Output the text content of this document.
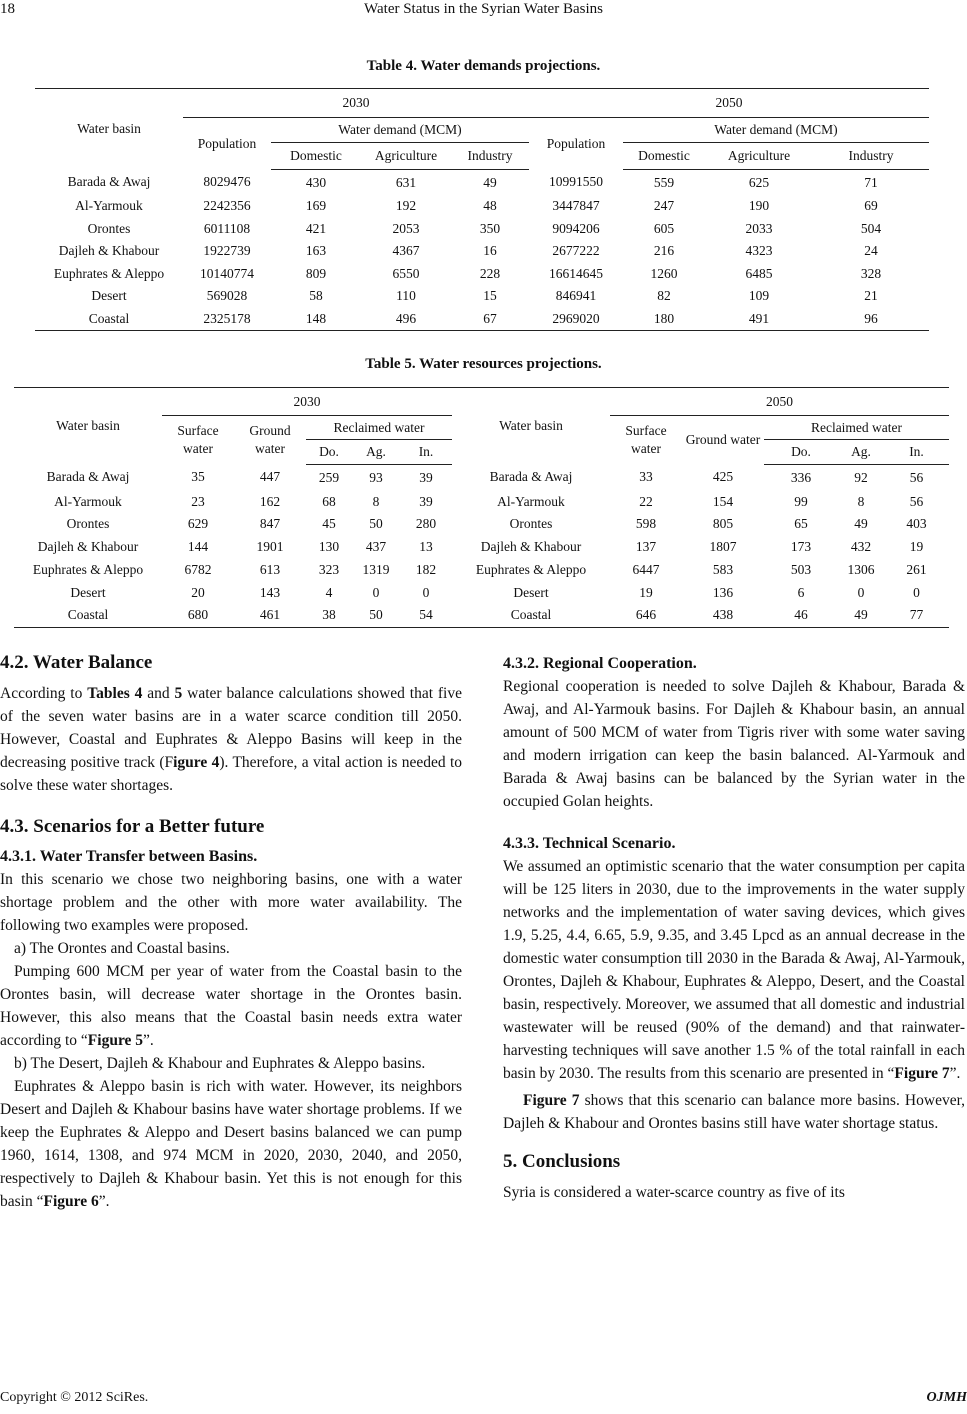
18	Water Status in the Syrian Water Basins
Table 4. Water demands projections.
Water basin	2030				2050			
	Population	Water demand (MCM)			Population	Water demand (MCM)		
		Domestic	Agriculture	Industry		Domestic	Agriculture	Industry
Barada & Awaj	8029476	430	631	49	10991550	559	625	71
Al-Yarmouk	2242356	169	192	48	3447847	247	190	69
Orontes	6011108	421	2053	350	9094206	605	2033	504
Dajleh & Khabour	1922739	163	4367	16	2677222	216	4323	24
Euphrates & Aleppo	10140774	809	6550	228	16614645	1260	6485	328
Desert	569028	58	110	15	846941	82	109	21
Coastal	2325178	148	496	67	2969020	180	491	96
Table 5. Water resources projections.
Water basin	2030					Water basin	2050				
	Surface water	Ground water	Reclaimed water				Surface water	Ground water	Reclaimed water		
			Do.	Ag.	In.				Do.	Ag.	In.
Barada & Awaj	35	447	259	93	39	Barada & Awaj	33	425	336	92	56
Al-Yarmouk	23	162	68	8	39	Al-Yarmouk	22	154	99	8	56
Orontes	629	847	45	50	280	Orontes	598	805	65	49	403
Dajleh & Khabour	144	1901	130	437	13	Dajleh & Khabour	137	1807	173	432	19
Euphrates & Aleppo	6782	613	323	1319	182	Euphrates & Aleppo	6447	583	503	1306	261
Desert	20	143	4	0	0	Desert	19	136	6	0	0
Coastal	680	461	38	50	54	Coastal	646	438	46	49	77
4.2. Water Balance

According to Tables 4 and 5 water balance calculations showed that five of the seven water basins are in a water scarce condition till 2050. However, Coastal and Euphrates & Aleppo Basins will keep in the decreasing positive track (Figure 4). Therefore, a vital action is needed to solve these water shortages.

4.3. Scenarios for a Better future
4.3.1. Water Transfer between Basins.

In this scenario we chose two neighboring basins, one with a water shortage problem and the other with more water availability. The following two examples were proposed.

a) The Orontes and Coastal basins.

Pumping 600 MCM per year of water from the Coastal basin to the Orontes basin, will decrease water shortage in the Orontes basin. However, this also means that the Coastal basin needs extra water according to “Figure 5”.

b) The Desert, Dajleh & Khabour and Euphrates & Aleppo basins.

Euphrates & Aleppo basin is rich with water. However, its neighbors Desert and Dajleh & Khabour basins have water shortage problems. If we keep the Euphrates & Aleppo and Desert basins balanced we can pump 1960, 1614, 1308, and 974 MCM in 2020, 2030, 2040, and 2050, respectively to Dajleh & Khabour basin. Yet this is not enough for this basin “Figure 6”.

4.3.2. Regional Cooperation.

Regional cooperation is needed to solve Dajleh & Khabour, Barada & Awaj, and Al-Yarmouk basins. For Dajleh & Khabour basin, an annual amount of 500 MCM of water from Tigris river with some water saving and modern irrigation can keep the basin balanced. Al-Yarmouk and Barada & Awaj basins can be balanced by the Syrian water in the occupied Golan heights.

4.3.3. Technical Scenario.

We assumed an optimistic scenario that the water consumption per capita will be 125 liters in 2030, due to the improvements in the water supply networks and the implementation of water saving devices, which gives 1.9, 5.25, 4.4, 6.65, 5.9, 9.35, and 3.45 Lpcd as an annual decrease in the domestic water consumption till 2030 in the Barada & Awaj, Al-Yarmouk, Orontes, Dajleh & Khabour, Euphrates & Aleppo, Desert, and the Coastal basin, respectively. Moreover, we assumed that all domestic and industrial wastewater will be reused (90% of the demand) and that rainwater-harvesting techniques will save another 1.5 % of the total rainfall in each basin by 2030. The results from this scenario are presented in “Figure 7”.

Figure 7 shows that this scenario can balance more basins. However, Dajleh & Khabour and Orontes basins still have water shortage status.

5. Conclusions

Syria is considered a water-scarce country as five of its

Copyright © 2012 SciRes.	OJMH
